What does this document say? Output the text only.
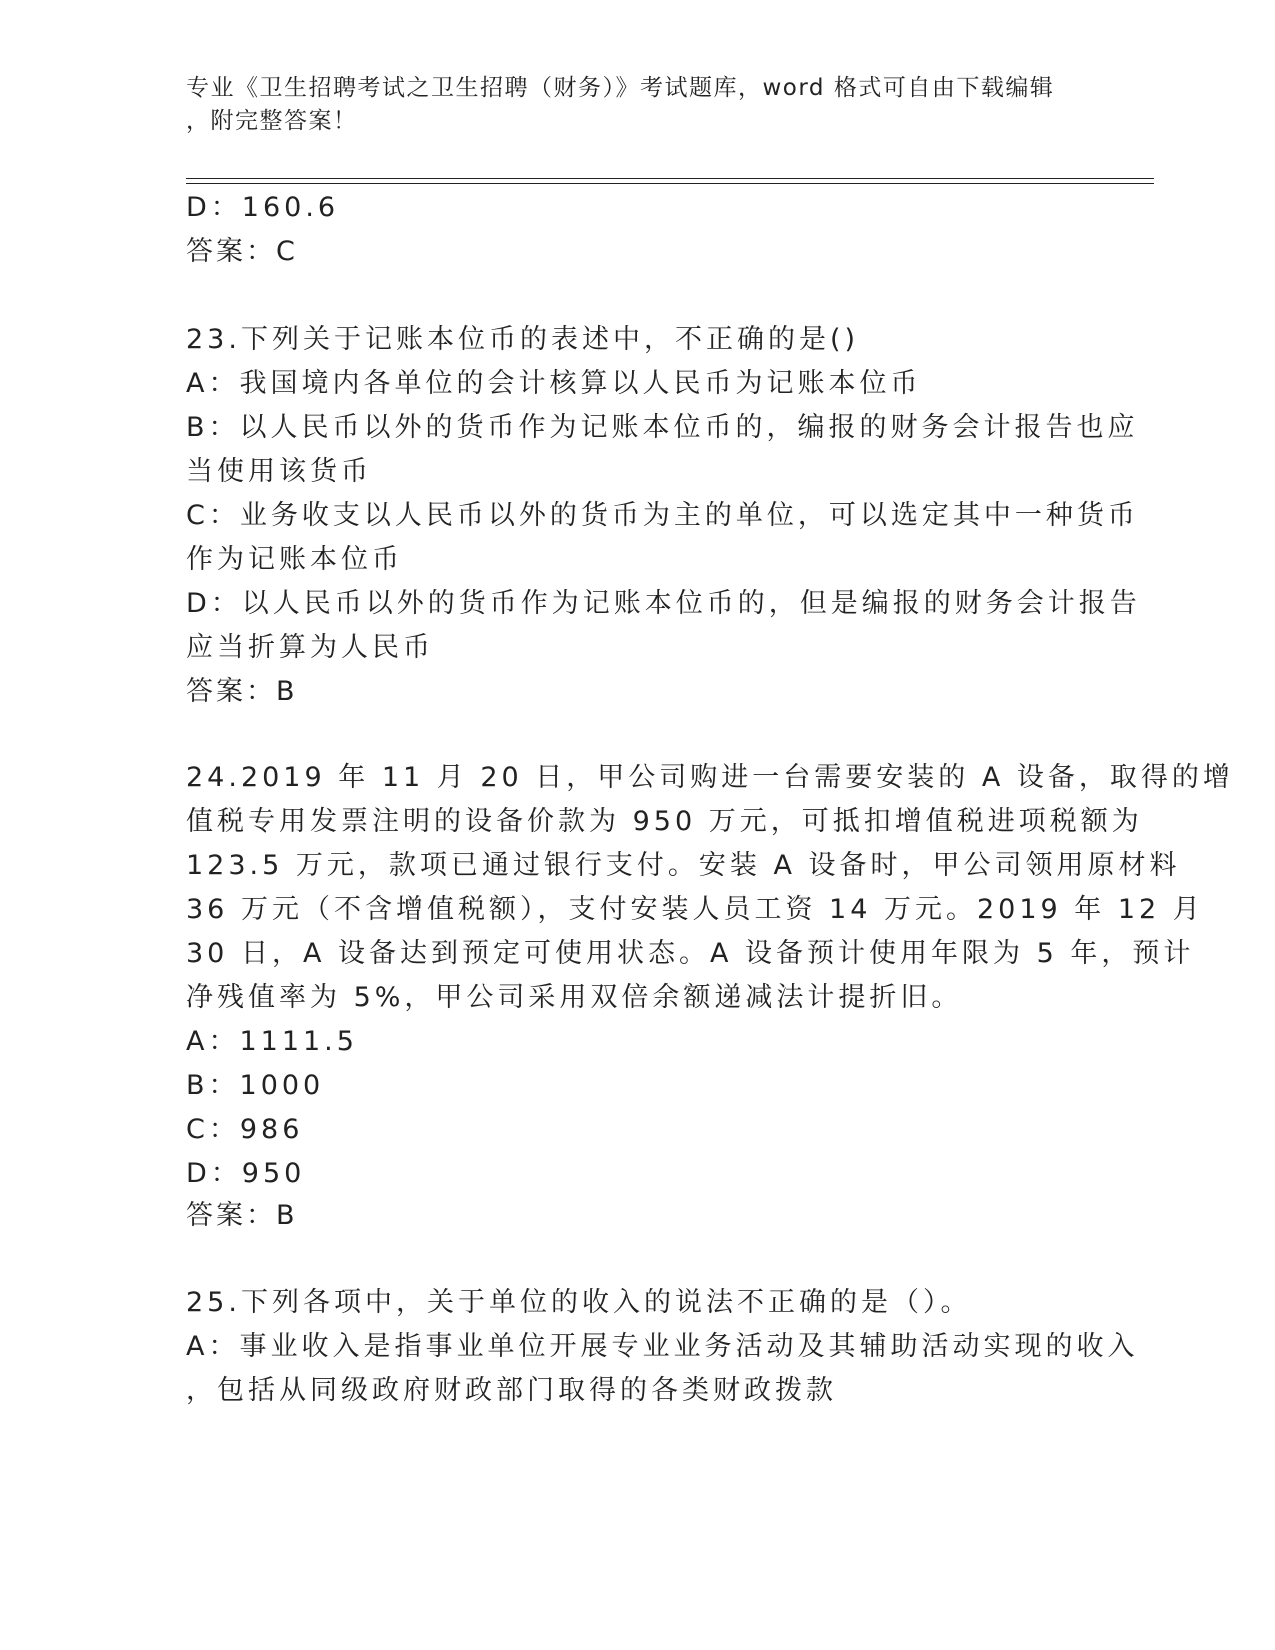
专业《卫生招聘考试之卫生招聘（财务）》考试题库，word 格式可自由下载编辑
，附完整答案！
D：160.6
答案：C
23.下列关于记账本位币的表述中，不正确的是()
A：我国境内各单位的会计核算以人民币为记账本位币
B：以人民币以外的货币作为记账本位币的，编报的财务会计报告也应
当使用该货币
C：业务收支以人民币以外的货币为主的单位，可以选定其中一种货币
作为记账本位币
D：以人民币以外的货币作为记账本位币的，但是编报的财务会计报告
应当折算为人民币
答案：B
24.2019 年 11 月 20 日，甲公司购进一台需要安装的 A 设备，取得的增
值税专用发票注明的设备价款为 950 万元，可抵扣增值税进项税额为
123.5 万元，款项已通过银行支付。安装 A 设备时，甲公司领用原材料
36 万元（不含增值税额），支付安装人员工资 14 万元。2019 年 12 月
30 日，A 设备达到预定可使用状态。A 设备预计使用年限为 5 年，预计
净残值率为 5%，甲公司采用双倍余额递减法计提折旧。
A：1111.5
B：1000
C：986
D：950
答案：B
25.下列各项中，关于单位的收入的说法不正确的是（）。
A：事业收入是指事业单位开展专业业务活动及其辅助活动实现的收入
，包括从同级政府财政部门取得的各类财政拨款
